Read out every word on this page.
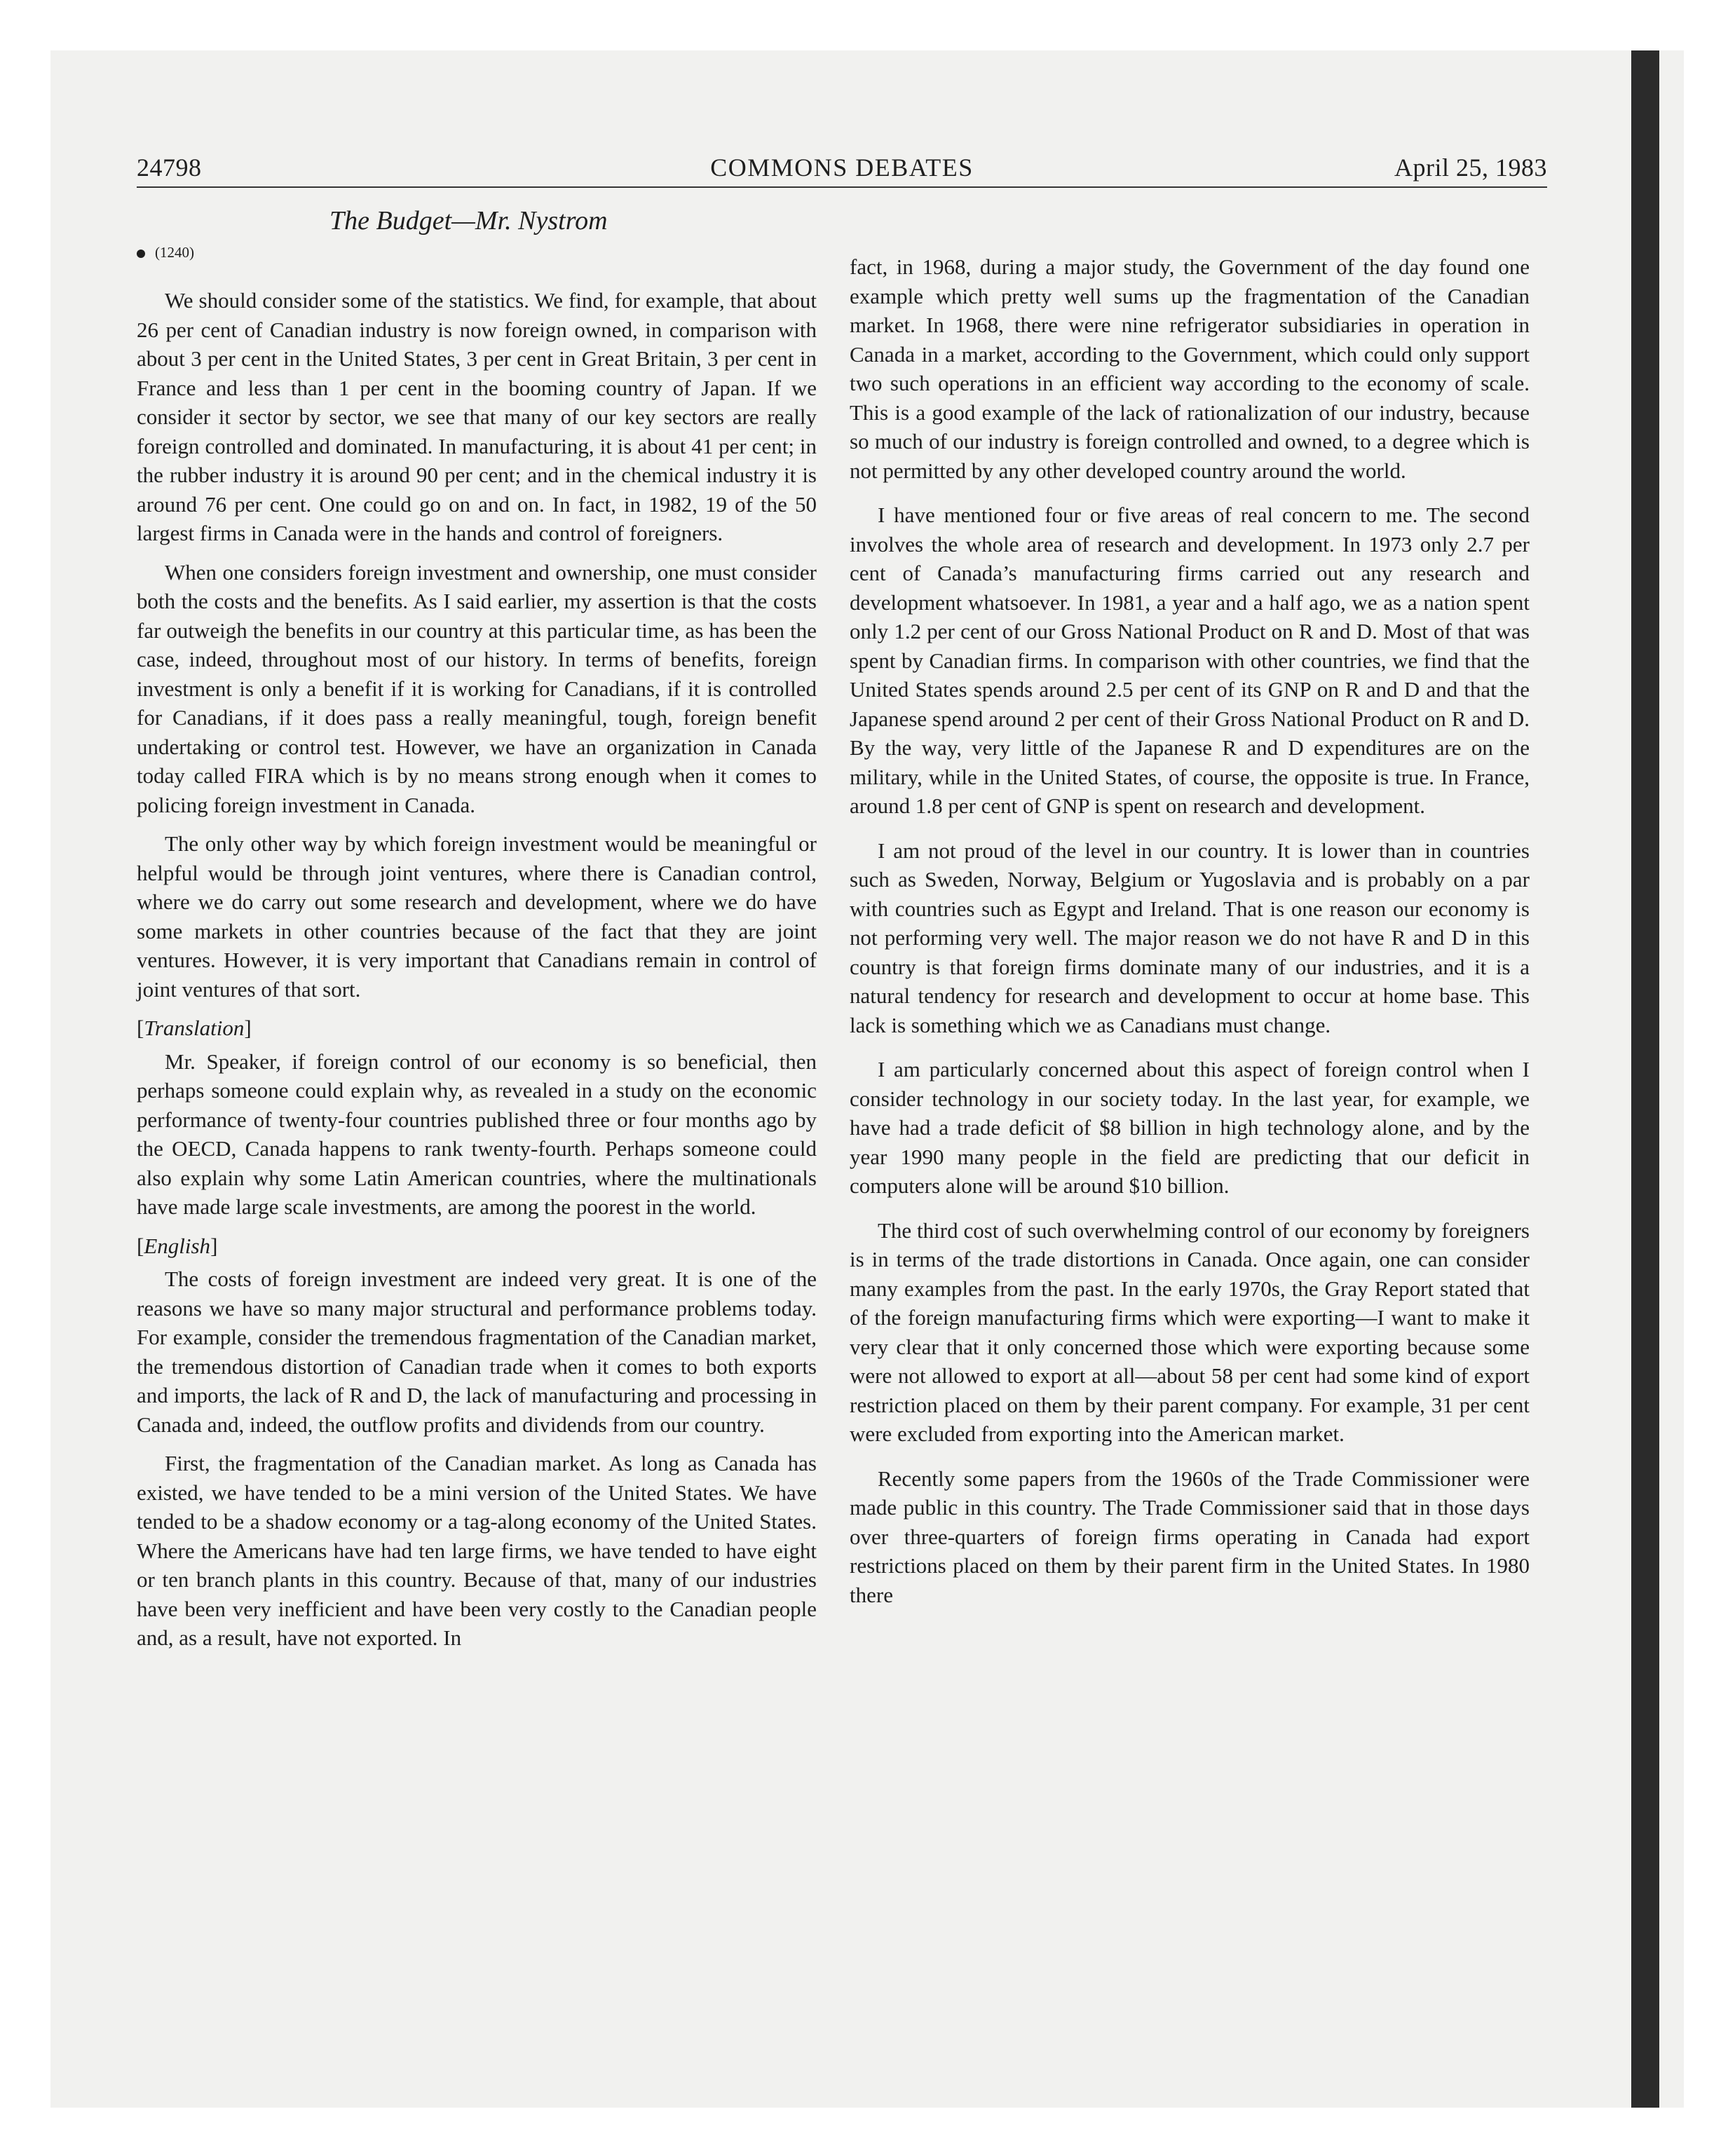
24798	COMMONS DEBATES	April 25, 1983
The Budget—Mr. Nystrom
(1240)

We should consider some of the statistics. We find, for example, that about 26 per cent of Canadian industry is now foreign owned, in comparison with about 3 per cent in the United States, 3 per cent in Great Britain, 3 per cent in France and less than 1 per cent in the booming country of Japan. If we consider it sector by sector, we see that many of our key sectors are really foreign controlled and dominated. In manufacturing, it is about 41 per cent; in the rubber industry it is around 90 per cent; and in the chemical industry it is around 76 per cent. One could go on and on. In fact, in 1982, 19 of the 50 largest firms in Canada were in the hands and control of foreigners.

When one considers foreign investment and ownership, one must consider both the costs and the benefits. As I said earlier, my assertion is that the costs far outweigh the benefits in our country at this particular time, as has been the case, indeed, throughout most of our history. In terms of benefits, foreign investment is only a benefit if it is working for Canadians, if it is controlled for Canadians, if it does pass a really meaningful, tough, foreign benefit undertaking or control test. However, we have an organization in Canada today called FIRA which is by no means strong enough when it comes to policing foreign investment in Canada.

The only other way by which foreign investment would be meaningful or helpful would be through joint ventures, where there is Canadian control, where we do carry out some research and development, where we do have some markets in other countries because of the fact that they are joint ventures. However, it is very important that Canadians remain in control of joint ventures of that sort.

[Translation]

Mr. Speaker, if foreign control of our economy is so beneficial, then perhaps someone could explain why, as revealed in a study on the economic performance of twenty-four countries published three or four months ago by the OECD, Canada happens to rank twenty-fourth. Perhaps someone could also explain why some Latin American countries, where the multinationals have made large scale investments, are among the poorest in the world.

[English]

The costs of foreign investment are indeed very great. It is one of the reasons we have so many major structural and performance problems today. For example, consider the tremendous fragmentation of the Canadian market, the tremendous distortion of Canadian trade when it comes to both exports and imports, the lack of R and D, the lack of manufacturing and processing in Canada and, indeed, the outflow profits and dividends from our country.

First, the fragmentation of the Canadian market. As long as Canada has existed, we have tended to be a mini version of the United States. We have tended to be a shadow economy or a tag-along economy of the United States. Where the Americans have had ten large firms, we have tended to have eight or ten branch plants in this country. Because of that, many of our industries have been very inefficient and have been very costly to the Canadian people and, as a result, have not exported. In

fact, in 1968, during a major study, the Government of the day found one example which pretty well sums up the fragmentation of the Canadian market. In 1968, there were nine refrigerator subsidiaries in operation in Canada in a market, according to the Government, which could only support two such operations in an efficient way according to the economy of scale. This is a good example of the lack of rationalization of our industry, because so much of our industry is foreign controlled and owned, to a degree which is not permitted by any other developed country around the world.

I have mentioned four or five areas of real concern to me. The second involves the whole area of research and development. In 1973 only 2.7 per cent of Canada’s manufacturing firms carried out any research and development whatsoever. In 1981, a year and a half ago, we as a nation spent only 1.2 per cent of our Gross National Product on R and D. Most of that was spent by Canadian firms. In comparison with other countries, we find that the United States spends around 2.5 per cent of its GNP on R and D and that the Japanese spend around 2 per cent of their Gross National Product on R and D. By the way, very little of the Japanese R and D expenditures are on the military, while in the United States, of course, the opposite is true. In France, around 1.8 per cent of GNP is spent on research and development.

I am not proud of the level in our country. It is lower than in countries such as Sweden, Norway, Belgium or Yugoslavia and is probably on a par with countries such as Egypt and Ireland. That is one reason our economy is not performing very well. The major reason we do not have R and D in this country is that foreign firms dominate many of our industries, and it is a natural tendency for research and development to occur at home base. This lack is something which we as Canadians must change.

I am particularly concerned about this aspect of foreign control when I consider technology in our society today. In the last year, for example, we have had a trade deficit of $8 billion in high technology alone, and by the year 1990 many people in the field are predicting that our deficit in computers alone will be around $10 billion.

The third cost of such overwhelming control of our economy by foreigners is in terms of the trade distortions in Canada. Once again, one can consider many examples from the past. In the early 1970s, the Gray Report stated that of the foreign manufacturing firms which were exporting—I want to make it very clear that it only concerned those which were exporting because some were not allowed to export at all—about 58 per cent had some kind of export restriction placed on them by their parent company. For example, 31 per cent were excluded from exporting into the American market.

Recently some papers from the 1960s of the Trade Commissioner were made public in this country. The Trade Commissioner said that in those days over three-quarters of foreign firms operating in Canada had export restrictions placed on them by their parent firm in the United States. In 1980 there
